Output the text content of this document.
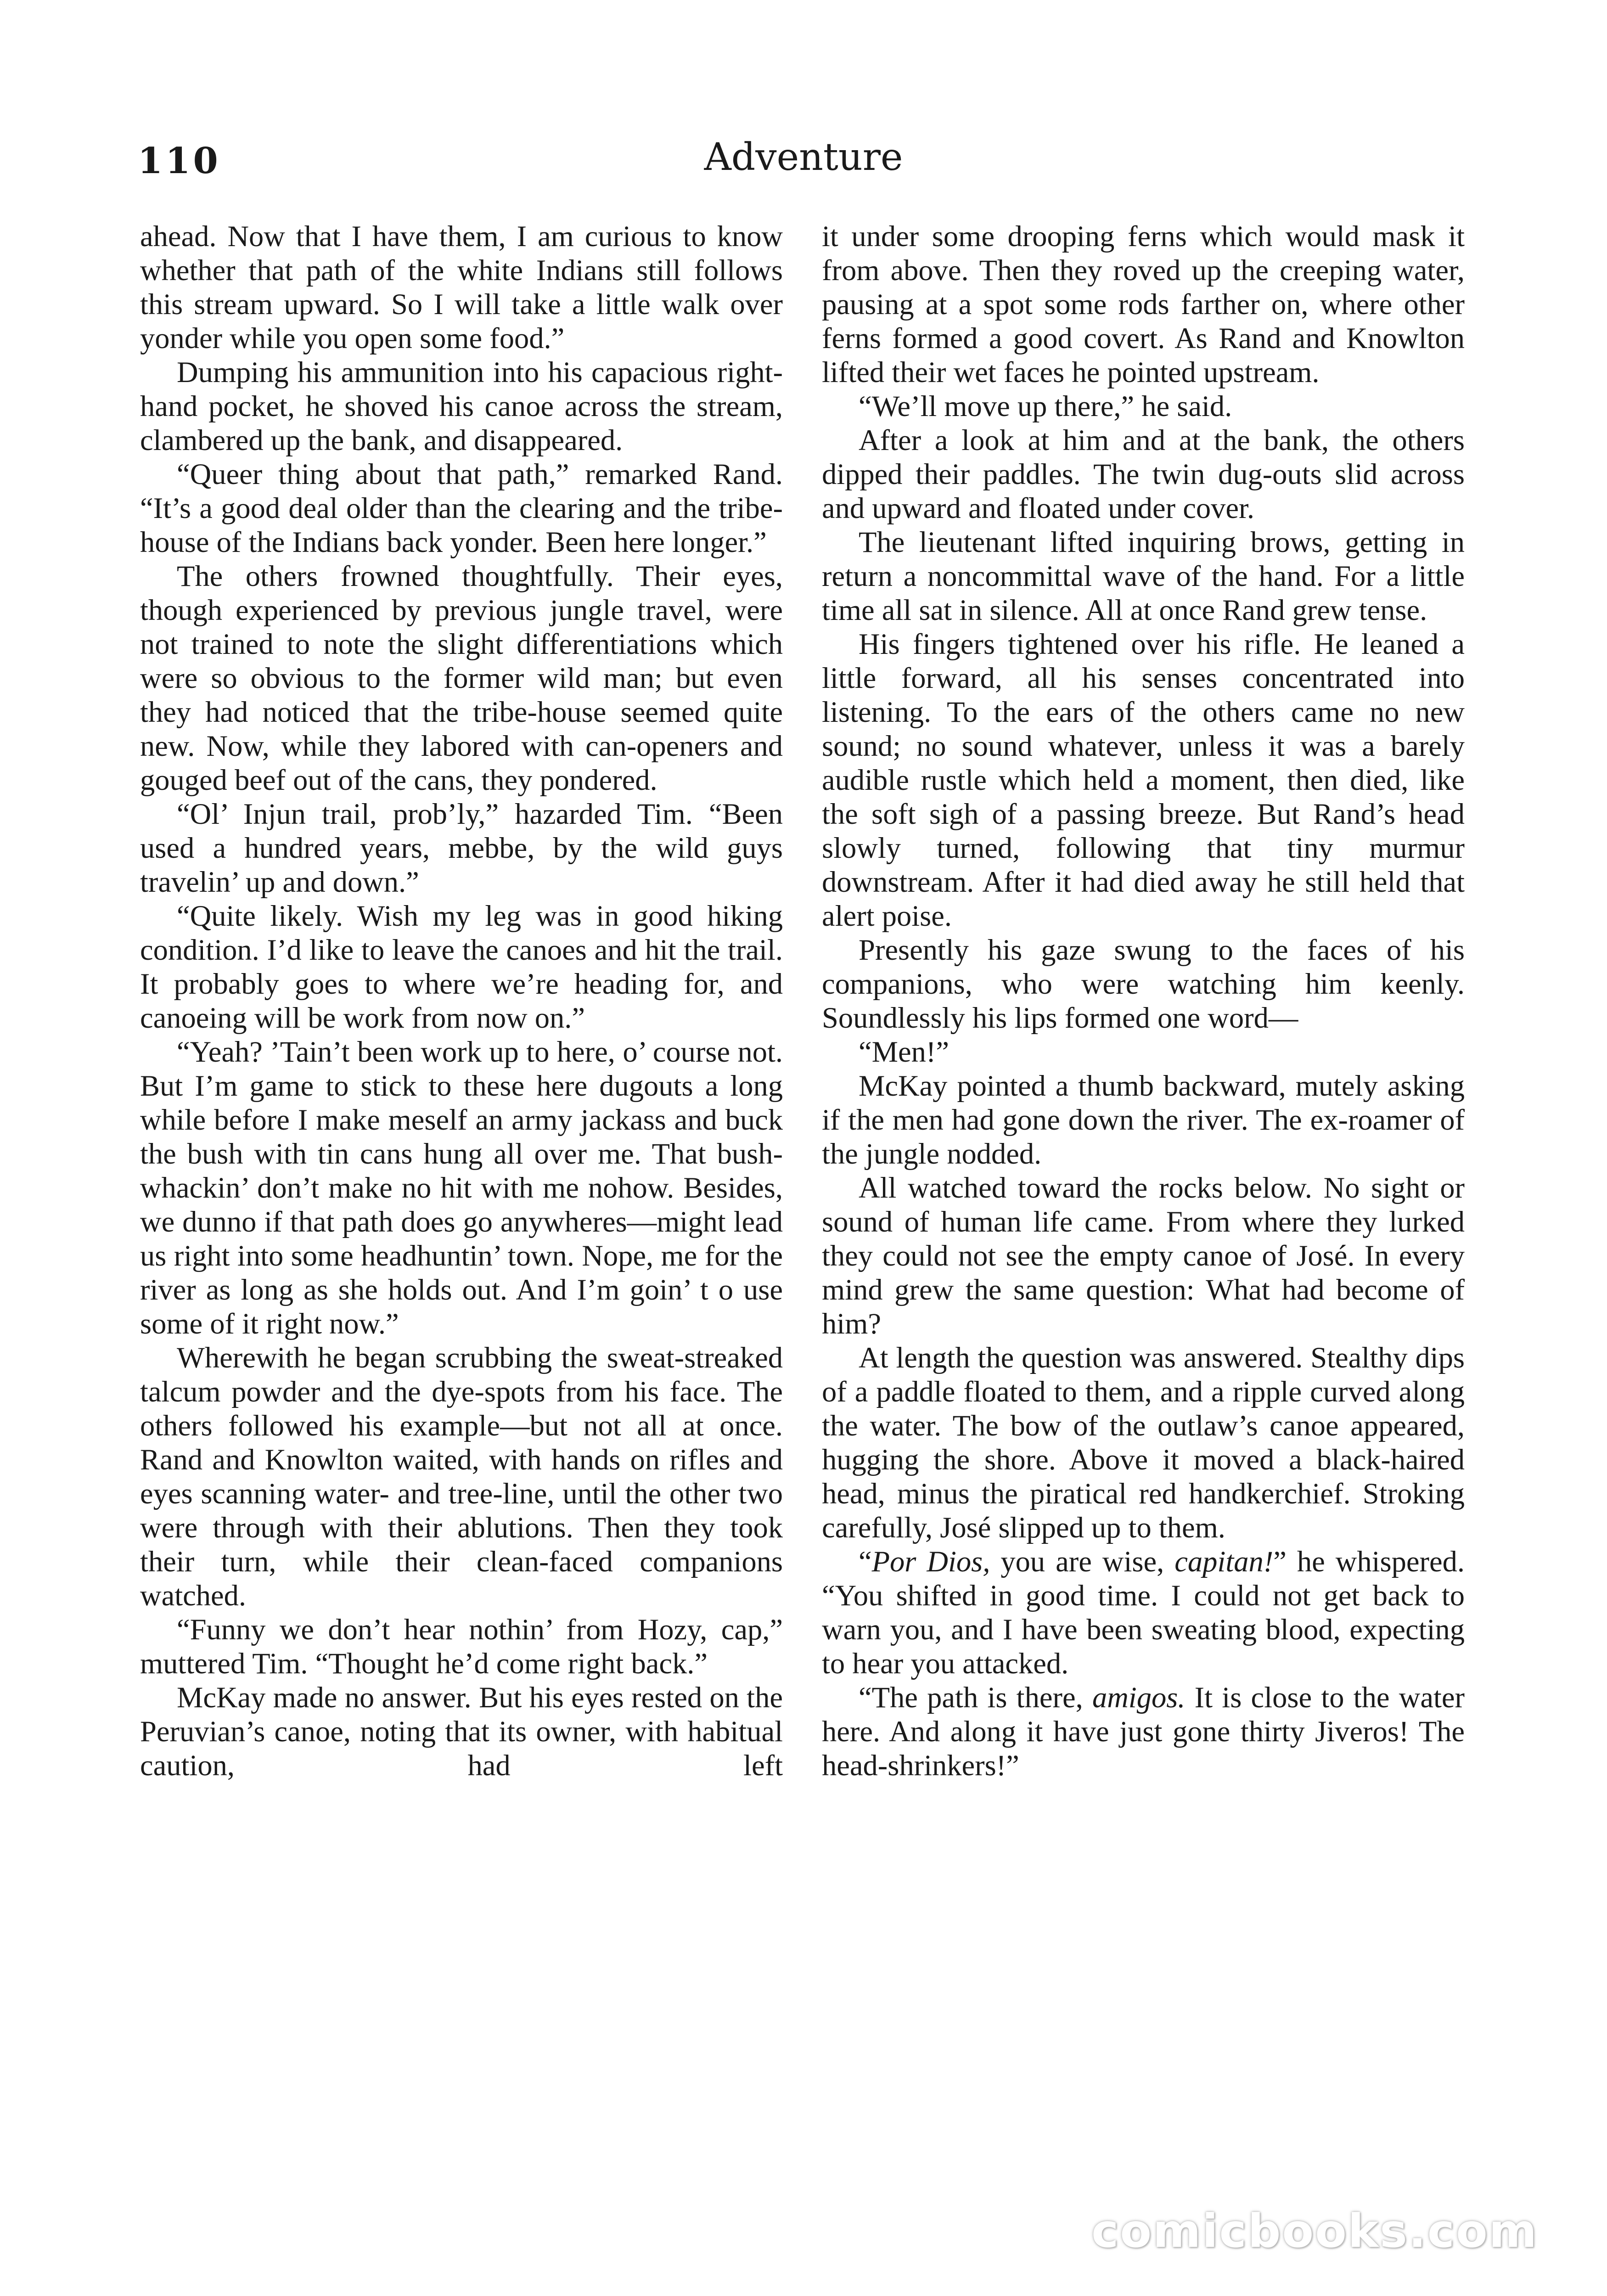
110	Adventure

ahead. Now that I have them, I am curious to know whether that path of the white Indians still follows this stream upward. So I will take a little walk over yonder while you open some food.”

Dumping his ammunition into his capacious right-hand pocket, he shoved his canoe across the stream, clambered up the bank, and disappeared.

“Queer thing about that path,” remarked Rand. “It’s a good deal older than the clearing and the tribe-house of the Indians back yonder. Been here longer.”

The others frowned thoughtfully. Their eyes, though experienced by previous jungle travel, were not trained to note the slight differentiations which were so obvious to the former wild man; but even they had noticed that the tribe-house seemed quite new. Now, while they labored with can-openers and gouged beef out of the cans, they pondered.

“Ol’ Injun trail, prob’ly,” hazarded Tim. “Been used a hundred years, mebbe, by the wild guys travelin’ up and down.”

“Quite likely. Wish my leg was in good hiking condition. I’d like to leave the canoes and hit the trail. It probably goes to where we’re heading for, and canoeing will be work from now on.”

“Yeah? ’Tain’t been work up to here, o’ course not. But I’m game to stick to these here dugouts a long while before I make meself an army jackass and buck the bush with tin cans hung all over me. That bush-whackin’ don’t make no hit with me nohow. Besides, we dunno if that path does go anywheres—might lead us right into some headhuntin’ town. Nope, me for the river as long as she holds out. And I’m goin’ t o use some of it right now.”

Wherewith he began scrubbing the sweat-streaked talcum powder and the dye-spots from his face. The others followed his example—but not all at once. Rand and Knowlton waited, with hands on rifles and eyes scanning water- and tree-line, until the other two were through with their ablutions. Then they took their turn, while their clean-faced companions watched.

“Funny we don’t hear nothin’ from Hozy, cap,” muttered Tim. “Thought he’d come right back.”

McKay made no answer. But his eyes rested on the Peruvian’s canoe, noting that its owner, with habitual caution, had left

it under some drooping ferns which would mask it from above. Then they roved up the creeping water, pausing at a spot some rods farther on, where other ferns formed a good covert. As Rand and Knowlton lifted their wet faces he pointed upstream.

“We’ll move up there,” he said.

After a look at him and at the bank, the others dipped their paddles. The twin dug-outs slid across and upward and floated under cover.

The lieutenant lifted inquiring brows, getting in return a noncommittal wave of the hand. For a little time all sat in silence. All at once Rand grew tense.

His fingers tightened over his rifle. He leaned a little forward, all his senses concentrated into listening. To the ears of the others came no new sound; no sound whatever, unless it was a barely audible rustle which held a moment, then died, like the soft sigh of a passing breeze. But Rand’s head slowly turned, following that tiny murmur downstream. After it had died away he still held that alert poise.

Presently his gaze swung to the faces of his companions, who were watching him keenly. Soundlessly his lips formed one word—

“Men!”

McKay pointed a thumb backward, mutely asking if the men had gone down the river. The ex-roamer of the jungle nodded.

All watched toward the rocks below. No sight or sound of human life came. From where they lurked they could not see the empty canoe of José. In every mind grew the same question: What had become of him?

At length the question was answered. Stealthy dips of a paddle floated to them, and a ripple curved along the water. The bow of the outlaw’s canoe appeared, hugging the shore. Above it moved a black-haired head, minus the piratical red handkerchief. Stroking carefully, José slipped up to them.

“Por Dios, you are wise, capitan!” he whispered. “You shifted in good time. I could not get back to warn you, and I have been sweating blood, expecting to hear you attacked.

“The path is there, amigos. It is close to the water here. And along it have just gone thirty Jiveros! The head-shrinkers!”

comicbooks.com
